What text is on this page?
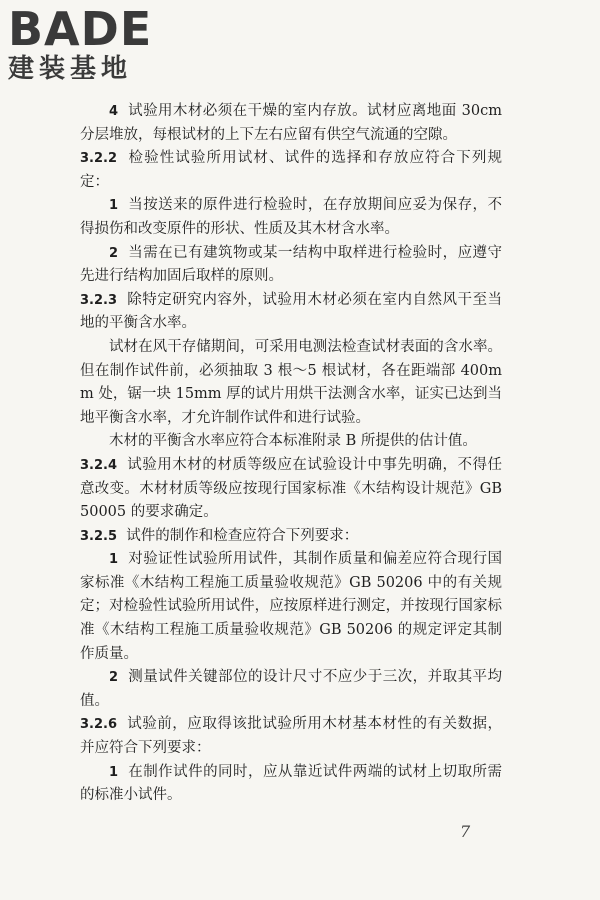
BADE
建装基地

4 试验用木材必须在干燥的室内存放。试材应离地面 30cm 分层堆放，每根试材的上下左右应留有供空气流通的空隙。

3.2.2 检验性试验所用试材、试件的选择和存放应符合下列规定：

1 当按送来的原件进行检验时，在存放期间应妥为保存，不得损伤和改变原件的形状、性质及其木材含水率。

2 当需在已有建筑物或某一结构中取样进行检验时，应遵守先进行结构加固后取样的原则。

3.2.3 除特定研究内容外，试验用木材必须在室内自然风干至当地的平衡含水率。

试材在风干存储期间，可采用电测法检查试材表面的含水率。但在制作试件前，必须抽取 3 根～5 根试材，各在距端部 400mm 处，锯一块 15mm 厚的试片用烘干法测含水率，证实已达到当地平衡含水率，才允许制作试件和进行试验。

木材的平衡含水率应符合本标准附录 B 所提供的估计值。

3.2.4 试验用木材的材质等级应在试验设计中事先明确，不得任意改变。木材材质等级应按现行国家标准《木结构设计规范》GB 50005 的要求确定。

3.2.5 试件的制作和检查应符合下列要求：

1 对验证性试验所用试件，其制作质量和偏差应符合现行国家标准《木结构工程施工质量验收规范》GB 50206 中的有关规定；对检验性试验所用试件，应按原样进行测定，并按现行国家标准《木结构工程施工质量验收规范》GB 50206 的规定评定其制作质量。

2 测量试件关键部位的设计尺寸不应少于三次，并取其平均值。

3.2.6 试验前，应取得该批试验所用木材基本材性的有关数据，并应符合下列要求：

1 在制作试件的同时，应从靠近试件两端的试材上切取所需的标准小试件。

7
